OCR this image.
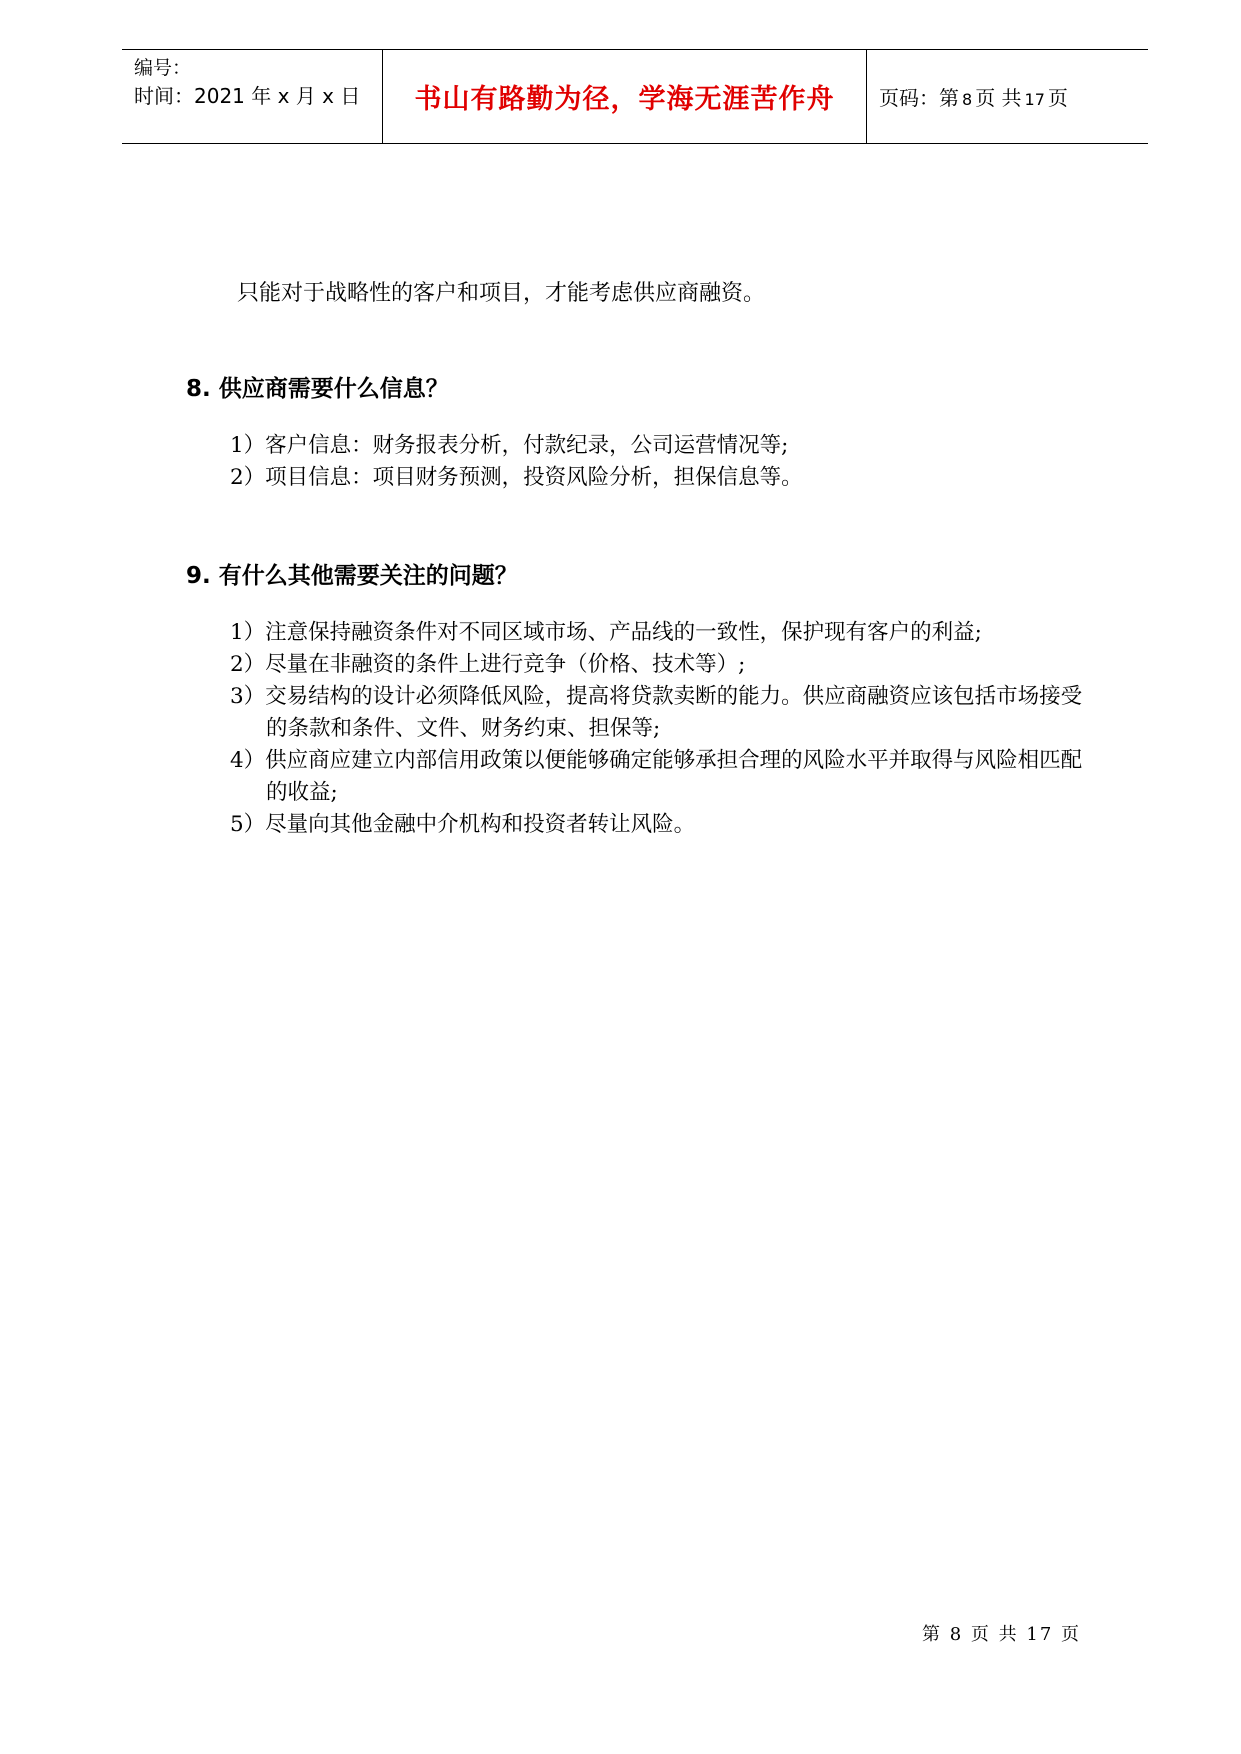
编号：
时间：2021 年 x 月 x 日 书山有路勤为径，学海无涯苦作舟 页码：第 8 页 共 17 页
只能对于战略性的客户和项目，才能考虑供应商融资。
8. 供应商需要什么信息？
1）客户信息：财务报表分析，付款纪录，公司运营情况等;
2）项目信息：项目财务预测，投资风险分析，担保信息等。
9. 有什么其他需要关注的问题？
1）注意保持融资条件对不同区域市场、产品线的一致性，保护现有客户的利益;
2）尽量在非融资的条件上进行竞争（价格、技术等）;
3）交易结构的设计必须降低风险，提高将贷款卖断的能力。供应商融资应该包括市场接受的条款和条件、文件、财务约束、担保等;
4）供应商应建立内部信用政策以便能够确定能够承担合理的风险水平并取得与风险相匹配的收益;
5）尽量向其他金融中介机构和投资者转让风险。
第 8 页 共 17 页
